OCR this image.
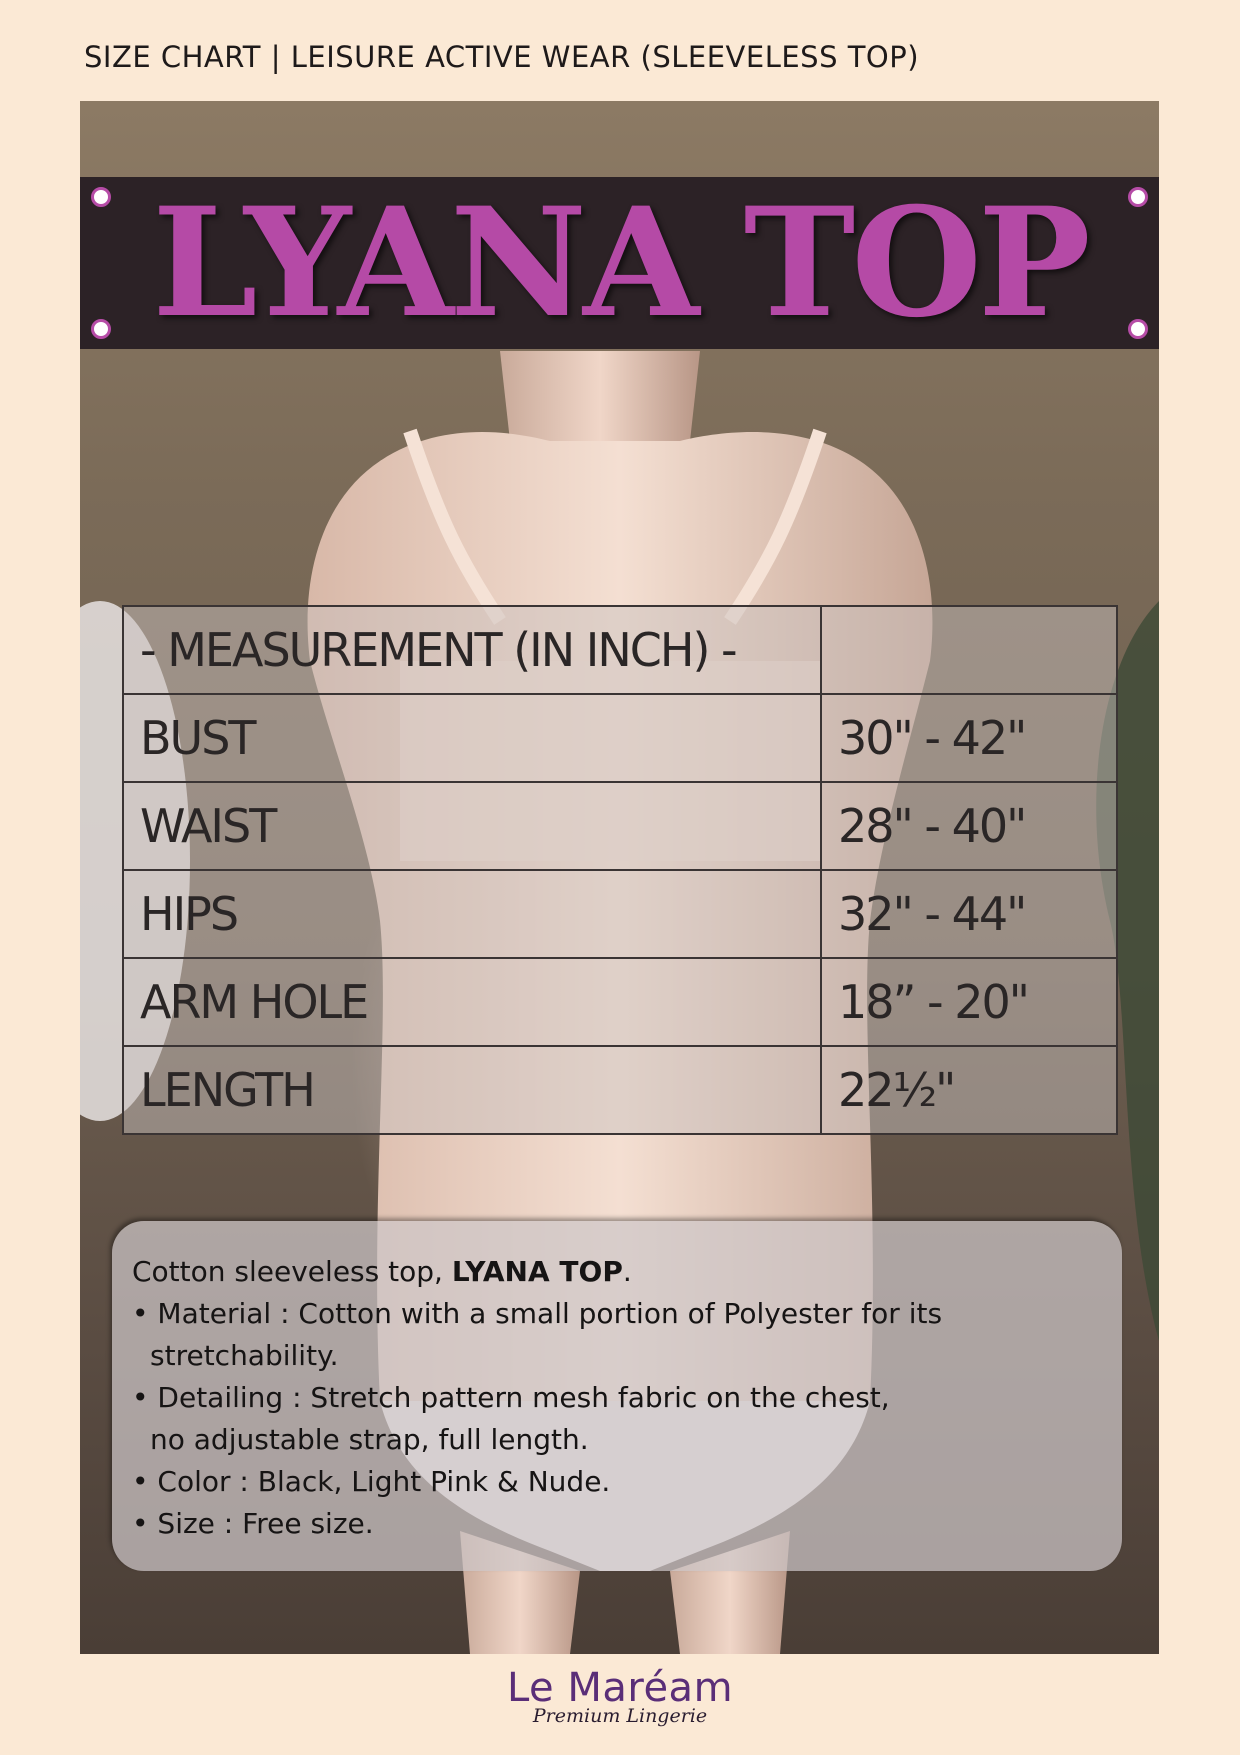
SIZE CHART | LEISURE ACTIVE WEAR (SLEEVELESS TOP)
LYANA TOP
- MEASUREMENT (IN INCH) -	
BUST	30" - 42"
WAIST	28" - 40"
HIPS	32" - 44"
ARM HOLE	18” - 20"
LENGTH	22½"
Cotton sleeveless top, LYANA TOP.
• Material : Cotton with a small portion of Polyester for its
stretchability.
• Detailing : Stretch pattern mesh fabric on the chest,
no adjustable strap, full length.
• Color : Black, Light Pink & Nude.
• Size : Free size.
Le Maréam
Premium Lingerie
